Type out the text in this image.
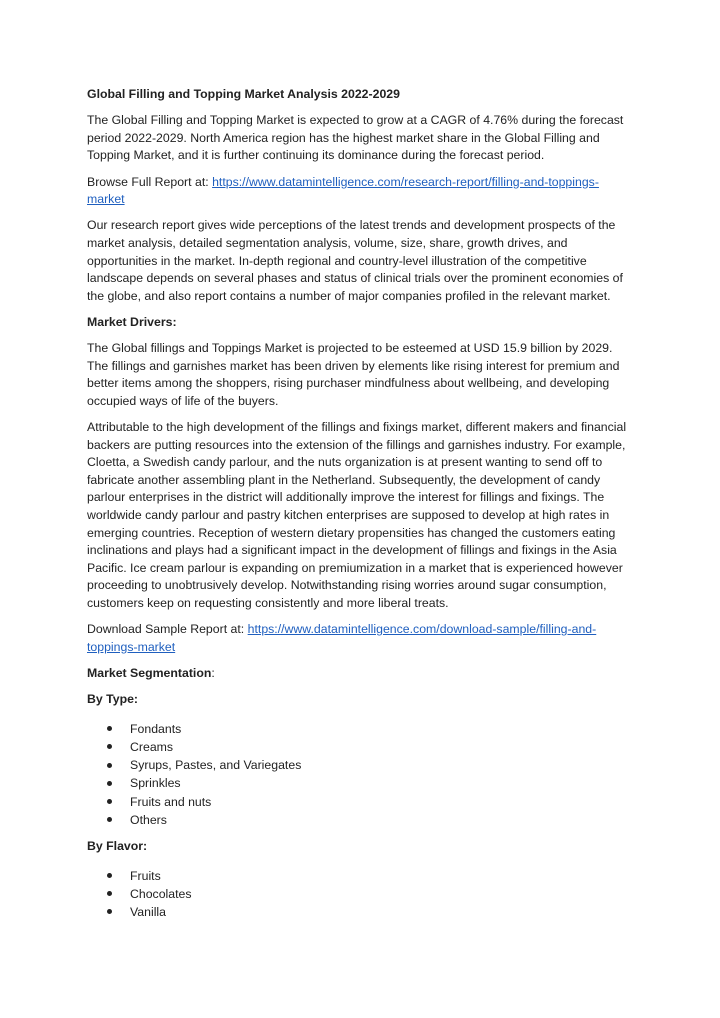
Global Filling and Topping Market Analysis 2022-2029

The Global Filling and Topping Market is expected to grow at a CAGR of 4.76% during the forecast period 2022-2029. North America region has the highest market share in the Global Filling and Topping Market, and it is further continuing its dominance during the forecast period.

Browse Full Report at: https://www.datamintelligence.com/research-report/filling-and-toppings-market

Our research report gives wide perceptions of the latest trends and development prospects of the market analysis, detailed segmentation analysis, volume, size, share, growth drives, and opportunities in the market. In-depth regional and country-level illustration of the competitive landscape depends on several phases and status of clinical trials over the prominent economies of the globe, and also report contains a number of major companies profiled in the relevant market.

Market Drivers:

The Global fillings and Toppings Market is projected to be esteemed at USD 15.9 billion by 2029. The fillings and garnishes market has been driven by elements like rising interest for premium and better items among the shoppers, rising purchaser mindfulness about wellbeing, and developing occupied ways of life of the buyers.

Attributable to the high development of the fillings and fixings market, different makers and financial backers are putting resources into the extension of the fillings and garnishes industry. For example, Cloetta, a Swedish candy parlour, and the nuts organization is at present wanting to send off to fabricate another assembling plant in the Netherland. Subsequently, the development of candy parlour enterprises in the district will additionally improve the interest for fillings and fixings. The worldwide candy parlour and pastry kitchen enterprises are supposed to develop at high rates in emerging countries. Reception of western dietary propensities has changed the customers eating inclinations and plays had a significant impact in the development of fillings and fixings in the Asia Pacific. Ice cream parlour is expanding on premiumization in a market that is experienced however proceeding to unobtrusively develop. Notwithstanding rising worries around sugar consumption, customers keep on requesting consistently and more liberal treats.

Download Sample Report at: https://www.datamintelligence.com/download-sample/filling-and-toppings-market

Market Segmentation:

By Type:

Fondants
Creams
Syrups, Pastes, and Variegates
Sprinkles
Fruits and nuts
Others

By Flavor:

Fruits
Chocolates
Vanilla
